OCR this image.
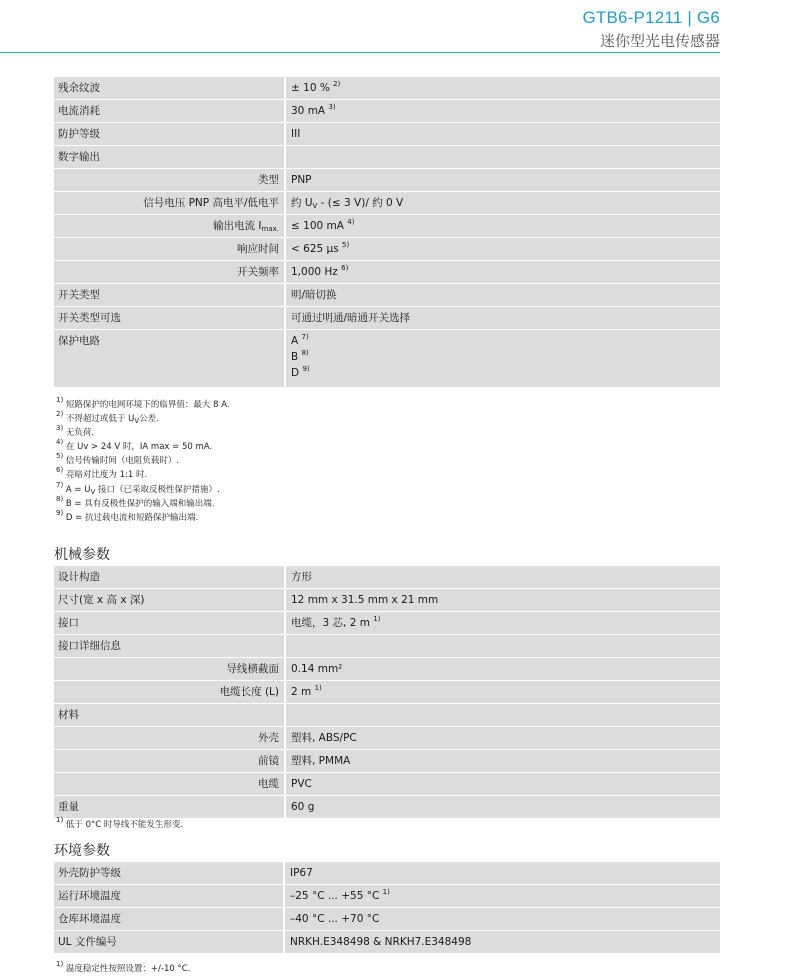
GTB6-P1211 | G6
迷你型光电传感器
残余纹波	± 10 % $^{2)}$
电流消耗	30 mA $^{3)}$
防护等级	III
数字输出	
类型	PNP
信号电压 PNP 高电平/低电平	约 $U_V$ - (≤ 3 V)/ 约 0 V
输出电流 $I_{max.}$	≤ 100 mA $^{4)}$
响应时间	< 625 µs $^{5)}$
开关频率	1,000 Hz $^{6)}$
开关类型	明/暗切换
开关类型可选	可通过明通/暗通开关选择
保护电路	A $^{7)}$
B $^{8)}$
D $^{9)}$
$^{1)}$ 短路保护的电网环境下的临界值：最大 8 A.
$^{2)}$ 不得超过或低于 $U_V$公差.
$^{3)}$ 无负荷.
$^{4)}$ 在 Uv > 24 V 时，IA max = 50 mA.
$^{5)}$ 信号传输时间（电阻负载时）.
$^{6)}$ 亮暗对比度为 1:1 时.
$^{7)}$ $A = U_V$ 接口（已采取反极性保护措施）.
$^{8)}$ B = 具有反极性保护的输入端和输出端.
$^{9)}$ D = 抗过载电流和短路保护输出端.
机械参数
设计构造	方形
尺寸(宽 x 高 x 深)	12 mm x 31.5 mm x 21 mm
接口	电缆，3 芯, 2 m $^{1)}$
接口详细信息	
导线横截面	0.14 mm²
电缆长度 (L)	2 m $^{1)}$
材料	
外壳	塑料, ABS/PC
前镜	塑料, PMMA
电缆	PVC
重量	60 g
$^{1)}$ 低于 0°C 时导线不能发生形变.
环境参数
外壳防护等级	IP67
运行环境温度	–25 °C ... +55 °C $^{1)}$
仓库环境温度	–40 °C ... +70 °C
UL 文件编号	NRKH.E348498 & NRKH7.E348498
$^{1)}$ 温度稳定性按照设置：+/-10 °C.
